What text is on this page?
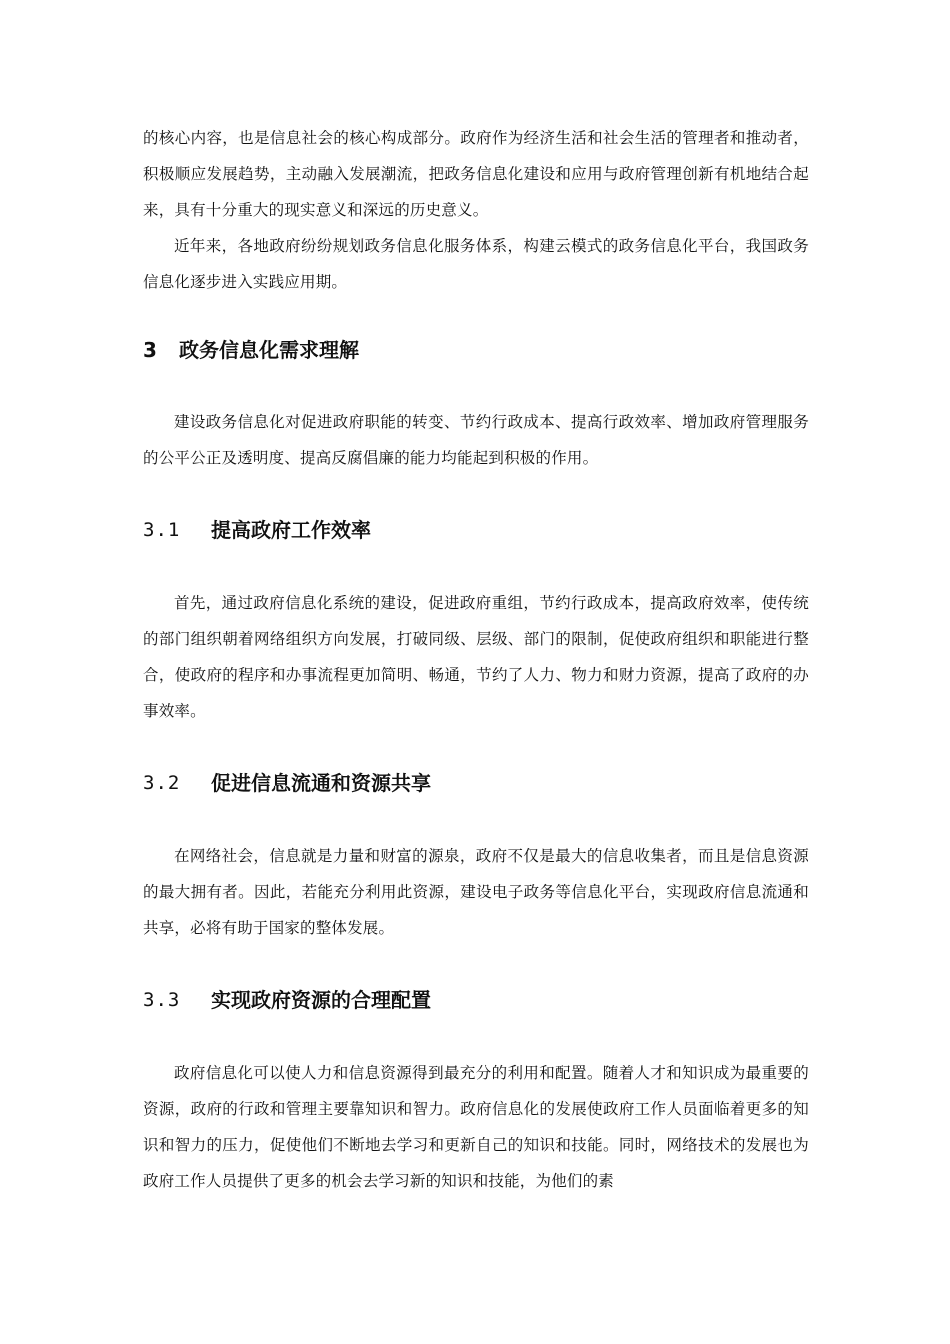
的核心内容，也是信息社会的核心构成部分。政府作为经济生活和社会生活的管理者和推动者，积极顺应发展趋势，主动融入发展潮流，把政务信息化建设和应用与政府管理创新有机地结合起来，具有十分重大的现实意义和深远的历史意义。

近年来，各地政府纷纷规划政务信息化服务体系，构建云模式的政务信息化平台，我国政务信息化逐步进入实践应用期。

3	政务信息化需求理解

建设政务信息化对促进政府职能的转变、节约行政成本、提高行政效率、增加政府管理服务的公平公正及透明度、提高反腐倡廉的能力均能起到积极的作用。

3.1	提高政府工作效率

首先，通过政府信息化系统的建设，促进政府重组，节约行政成本，提高政府效率，使传统的部门组织朝着网络组织方向发展，打破同级、层级、部门的限制，促使政府组织和职能进行整合，使政府的程序和办事流程更加简明、畅通，节约了人力、物力和财力资源，提高了政府的办事效率。

3.2	促进信息流通和资源共享

在网络社会，信息就是力量和财富的源泉，政府不仅是最大的信息收集者，而且是信息资源的最大拥有者。因此，若能充分利用此资源，建设电子政务等信息化平台，实现政府信息流通和共享，必将有助于国家的整体发展。

3.3	实现政府资源的合理配置

政府信息化可以使人力和信息资源得到最充分的利用和配置。随着人才和知识成为最重要的资源，政府的行政和管理主要靠知识和智力。政府信息化的发展使政府工作人员面临着更多的知识和智力的压力，促使他们不断地去学习和更新自己的知识和技能。同时，网络技术的发展也为政府工作人员提供了更多的机会去学习新的知识和技能，为他们的素
